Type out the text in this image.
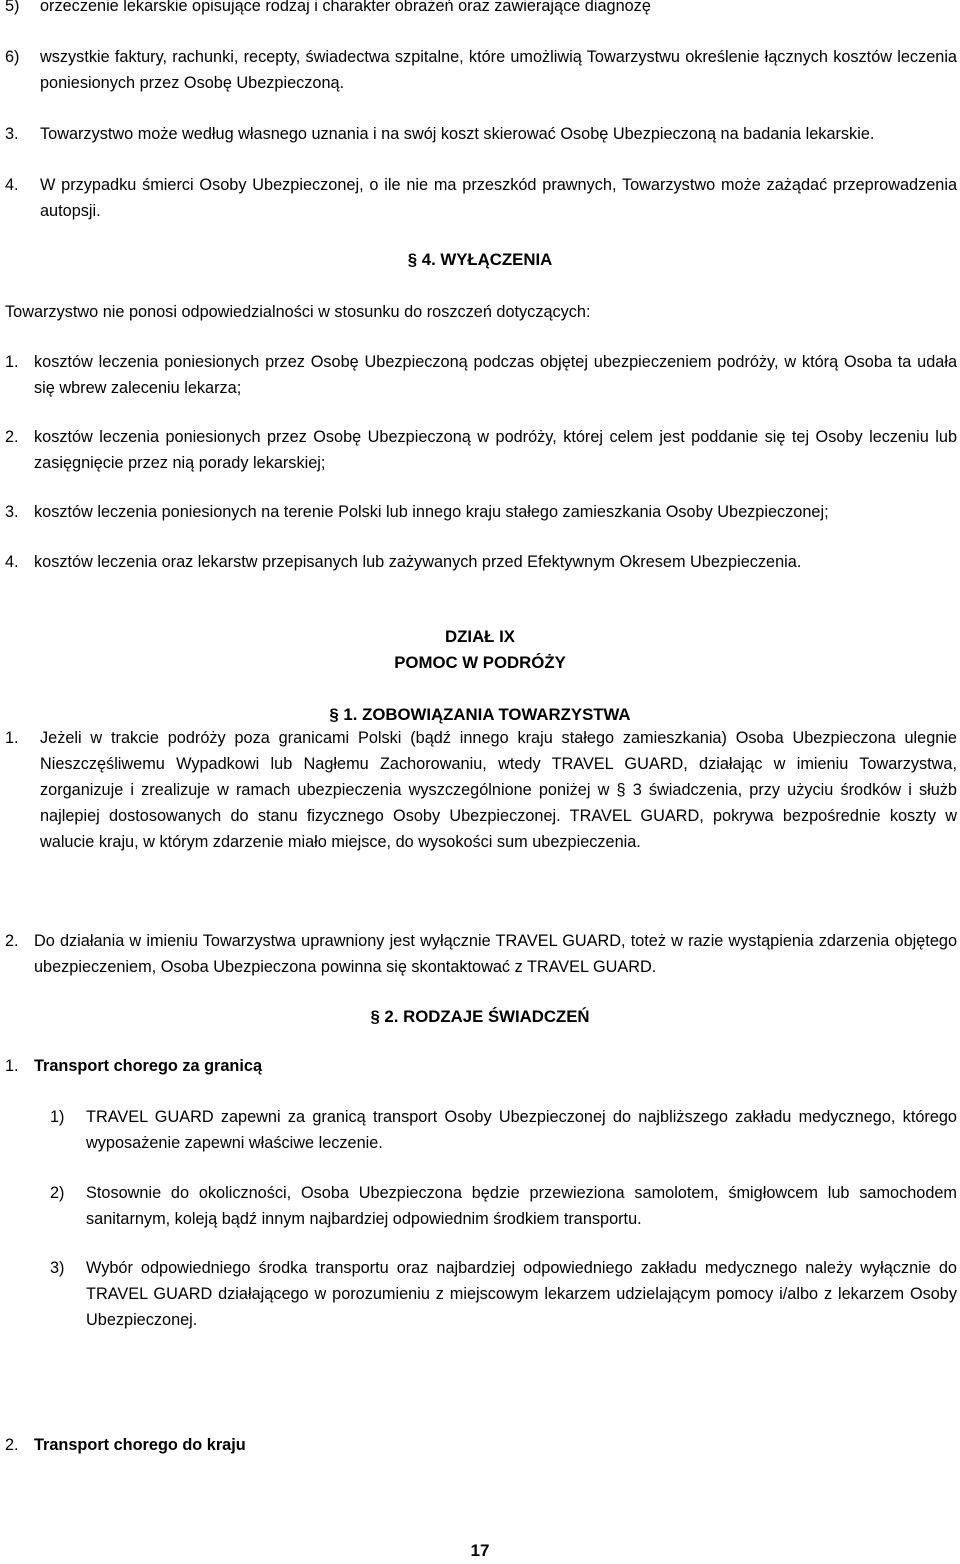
5)	orzeczenie lekarskie opisujące rodzaj i charakter obrażeń oraz zawierające diagnozę
6)	wszystkie faktury, rachunki, recepty, świadectwa szpitalne, które umożliwią Towarzystwu określenie łącznych kosztów leczenia poniesionych przez Osobę Ubezpieczoną.
3.	Towarzystwo może według własnego uznania i na swój koszt skierować Osobę Ubezpieczoną na badania lekarskie.
4.	W przypadku śmierci Osoby Ubezpieczonej, o ile nie ma przeszkód prawnych, Towarzystwo może zażądać przeprowadzenia autopsji.
§ 4. WYŁĄCZENIA
Towarzystwo nie ponosi odpowiedzialności w stosunku do roszczeń dotyczących:
1. kosztów leczenia poniesionych przez Osobę Ubezpieczoną podczas objętej ubezpieczeniem podróży, w którą Osoba ta udała się wbrew zaleceniu lekarza;
2. kosztów leczenia poniesionych przez Osobę Ubezpieczoną w podróży, której celem jest poddanie się tej Osoby leczeniu lub zasięgnięcie przez nią porady lekarskiej;
3. kosztów leczenia poniesionych na terenie Polski lub innego kraju stałego zamieszkania Osoby Ubezpieczonej;
4. kosztów leczenia oraz lekarstw przepisanych lub zażywanych przed Efektywnym Okresem Ubezpieczenia.
DZIAŁ IX
POMOC W PODRÓŻY
§ 1. ZOBOWIĄZANIA TOWARZYSTWA
1.	Jeżeli w trakcie podróży poza granicami Polski (bądź innego kraju stałego zamieszkania) Osoba Ubezpieczona ulegnie Nieszczęśliwemu Wypadkowi lub Nagłemu Zachorowaniu, wtedy TRAVEL GUARD, działając w imieniu Towarzystwa, zorganizuje i zrealizuje w ramach ubezpieczenia wyszczególnione poniżej w § 3 świadczenia, przy użyciu środków i służb najlepiej dostosowanych do stanu fizycznego Osoby Ubezpieczonej. TRAVEL GUARD, pokrywa bezpośrednie koszty w walucie kraju, w którym zdarzenie miało miejsce, do wysokości sum ubezpieczenia.
2. Do działania w imieniu Towarzystwa uprawniony jest wyłącznie TRAVEL GUARD, toteż w razie wystąpienia zdarzenia objętego ubezpieczeniem, Osoba Ubezpieczona powinna się skontaktować z TRAVEL GUARD.
§ 2. RODZAJE ŚWIADCZEŃ
1. Transport chorego za granicą
1)	TRAVEL GUARD zapewni za granicą transport Osoby Ubezpieczonej do najbliższego zakładu medycznego, którego wyposażenie zapewni właściwe leczenie.
2)	Stosownie do okoliczności, Osoba Ubezpieczona będzie przewieziona samolotem, śmigłowcem lub samochodem sanitarnym, koleją bądź innym najbardziej odpowiednim środkiem transportu.
3)	Wybór odpowiedniego środka transportu oraz najbardziej odpowiedniego zakładu medycznego należy wyłącznie do TRAVEL GUARD działającego w porozumieniu z miejscowym lekarzem udzielającym pomocy i/albo z lekarzem Osoby Ubezpieczonej.
2. Transport chorego do kraju
17
